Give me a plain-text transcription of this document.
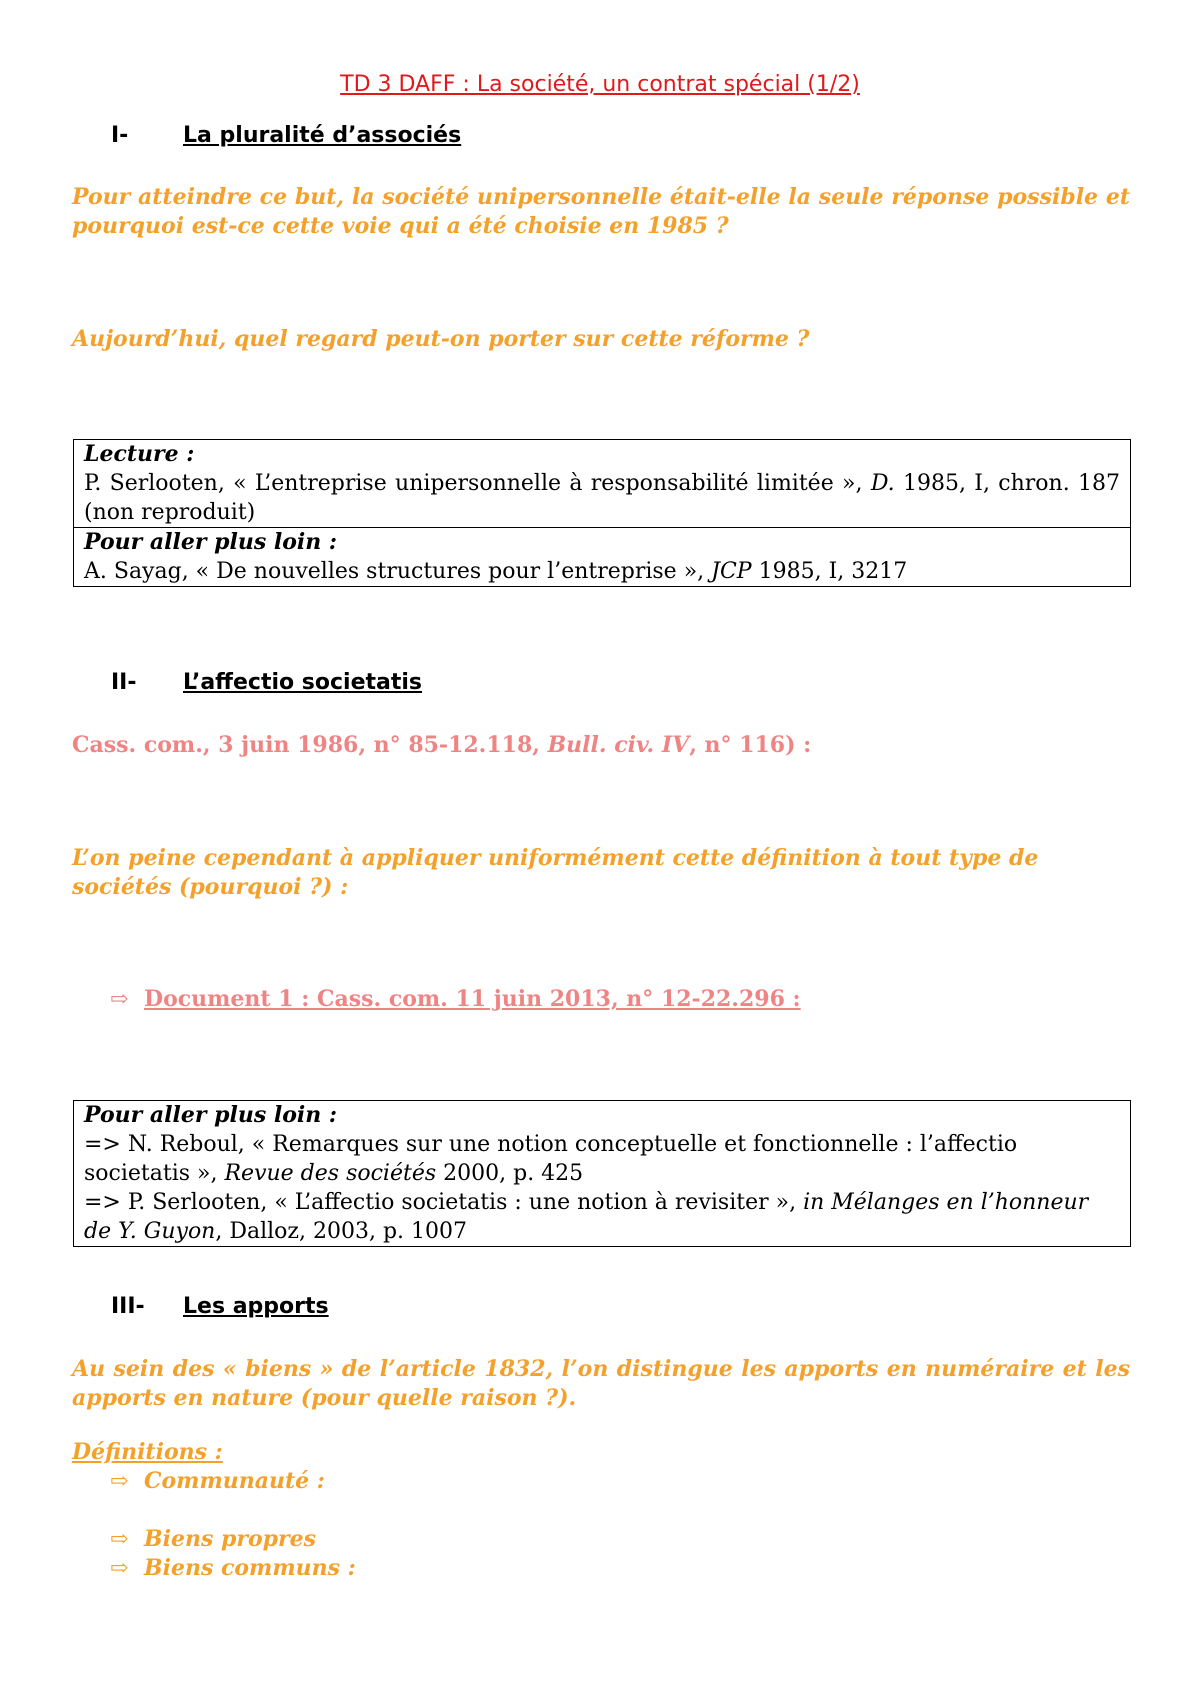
TD 3 DAFF : La société, un contrat spécial (1/2)
I- La pluralité d’associés

Pour atteindre ce but, la société unipersonnelle était-elle la seule réponse possible et pourquoi est-ce cette voie qui a été choisie en 1985 ?

Aujourd’hui, quel regard peut-on porter sur cette réforme ?

Lecture :
P. Serlooten, « L’entreprise unipersonnelle à responsabilité limitée », D. 1985, I, chron. 187 (non reproduit)
Pour aller plus loin :
A. Sayag, « De nouvelles structures pour l’entreprise », JCP 1985, I, 3217
II- L’affectio societatis

Cass. com., 3 juin 1986, n° 85-12.118, Bull. civ. IV, n° 116) :

L’on peine cependant à appliquer uniformément cette définition à tout type de sociétés (pourquoi ?) :

⇨ Document 1 : Cass. com. 11 juin 2013, n° 12-22.296 :
Pour aller plus loin :
=> N. Reboul, « Remarques sur une notion conceptuelle et fonctionnelle : l’affectio societatis », Revue des sociétés 2000, p. 425
=> P. Serlooten, « L’affectio societatis : une notion à revisiter », in Mélanges en l’honneur de Y. Guyon, Dalloz, 2003, p. 1007
III- Les apports

Au sein des « biens » de l’article 1832, l’on distingue les apports en numéraire et les apports en nature (pour quelle raison ?).

Définitions :
⇨ Communauté :
⇨ Biens propres
⇨ Biens communs :
